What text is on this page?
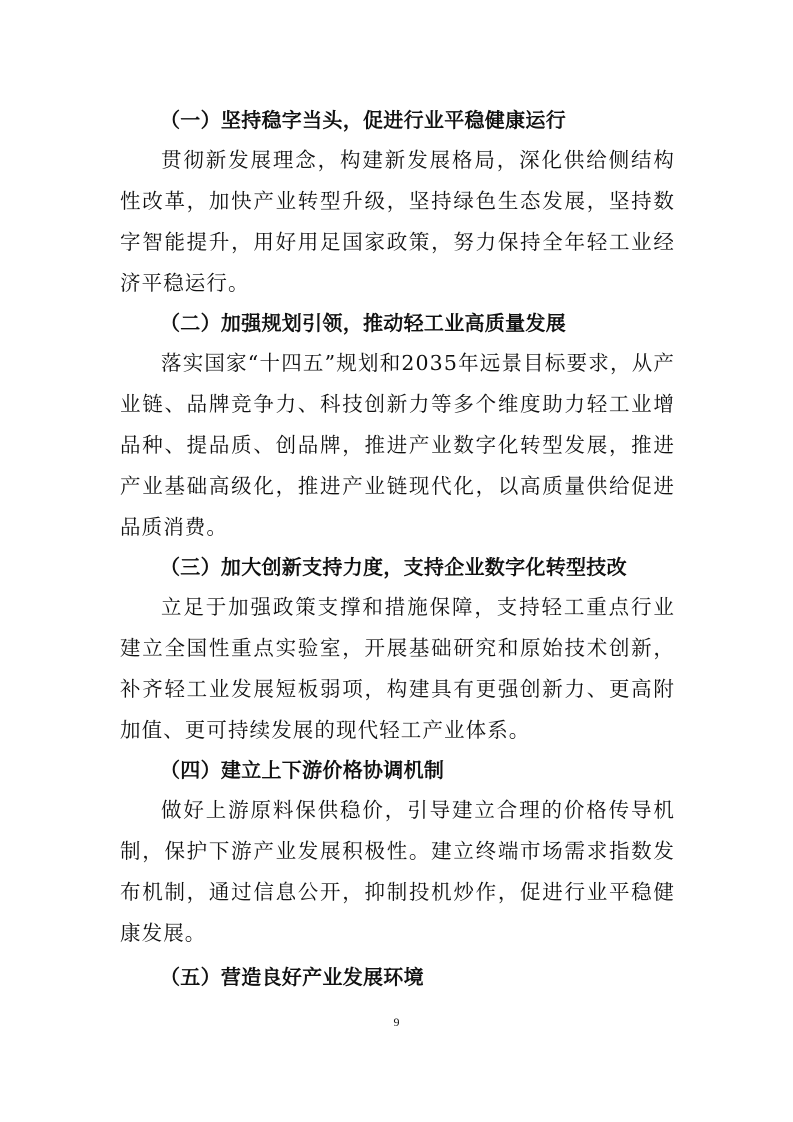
（一）坚持稳字当头，促进行业平稳健康运行

贯彻新发展理念，构建新发展格局，深化供给侧结构性改革，加快产业转型升级，坚持绿色生态发展，坚持数字智能提升，用好用足国家政策，努力保持全年轻工业经济平稳运行。

（二）加强规划引领，推动轻工业高质量发展

落实国家“十四五”规划和2035年远景目标要求，从产业链、品牌竞争力、科技创新力等多个维度助力轻工业增品种、提品质、创品牌，推进产业数字化转型发展，推进产业基础高级化，推进产业链现代化，以高质量供给促进品质消费。

（三）加大创新支持力度，支持企业数字化转型技改

立足于加强政策支撑和措施保障，支持轻工重点行业建立全国性重点实验室，开展基础研究和原始技术创新，补齐轻工业发展短板弱项，构建具有更强创新力、更高附加值、更可持续发展的现代轻工产业体系。

（四）建立上下游价格协调机制

做好上游原料保供稳价，引导建立合理的价格传导机制，保护下游产业发展积极性。建立终端市场需求指数发布机制，通过信息公开，抑制投机炒作，促进行业平稳健康发展。

（五）营造良好产业发展环境
9
